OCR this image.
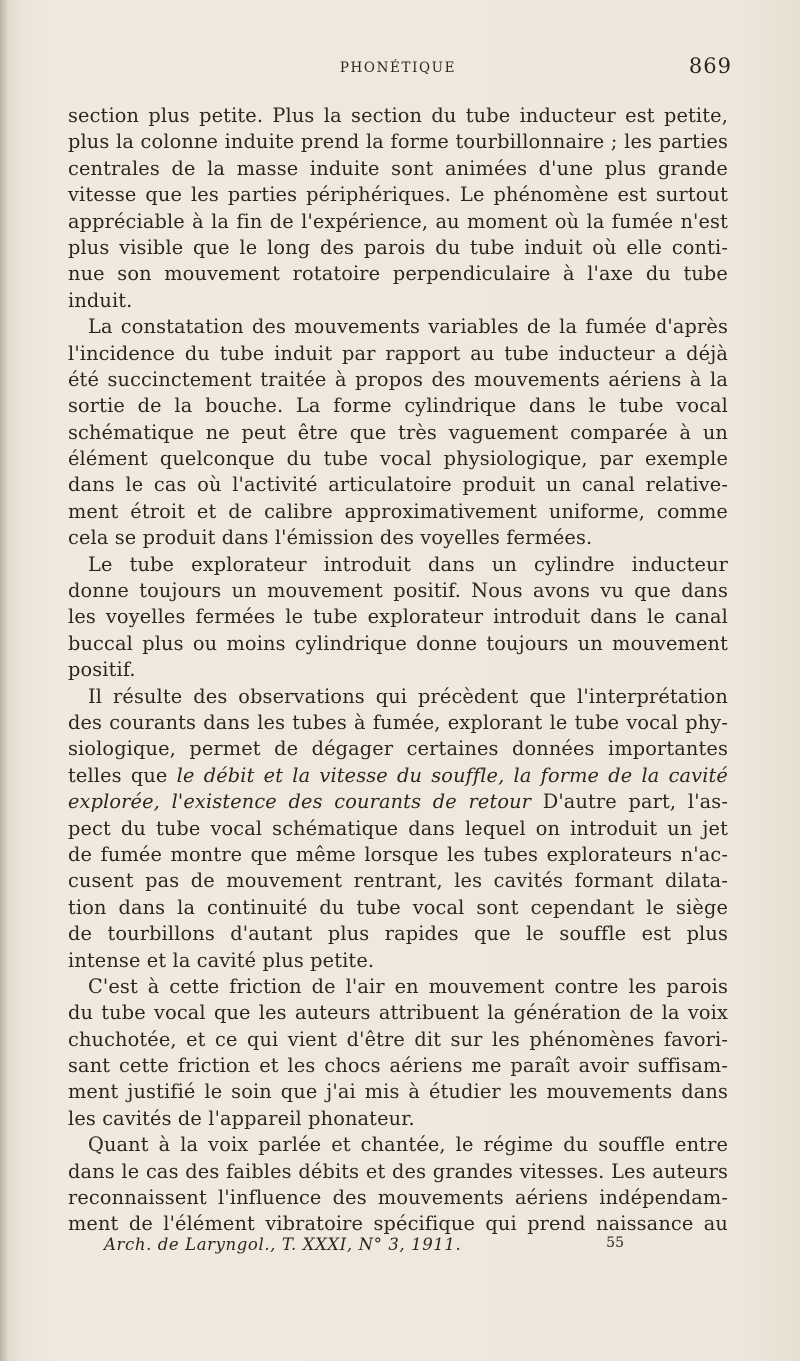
PHONÉTIQUE	869
section plus petite. Plus la section du tube inducteur est petite,
plus la colonne induite prend la forme tourbillonnaire ; les parties
centrales de la masse induite sont animées d'une plus grande
vitesse que les parties périphériques. Le phénomène est surtout
appréciable à la fin de l'expérience, au moment où la fumée n'est
plus visible que le long des parois du tube induit où elle conti-
nue son mouvement rotatoire perpendiculaire à l'axe du tube
induit.
La constatation des mouvements variables de la fumée d'après
l'incidence du tube induit par rapport au tube inducteur a déjà
été succinctement traitée à propos des mouvements aériens à la
sortie de la bouche. La forme cylindrique dans le tube vocal
schématique ne peut être que très vaguement comparée à un
élément quelconque du tube vocal physiologique, par exemple
dans le cas où l'activité articulatoire produit un canal relative-
ment étroit et de calibre approximativement uniforme, comme
cela se produit dans l'émission des voyelles fermées.
Le tube explorateur introduit dans un cylindre inducteur
donne toujours un mouvement positif. Nous avons vu que dans
les voyelles fermées le tube explorateur introduit dans le canal
buccal plus ou moins cylindrique donne toujours un mouvement
positif.
Il résulte des observations qui précèdent que l'interprétation
des courants dans les tubes à fumée, explorant le tube vocal phy-
siologique, permet de dégager certaines données importantes
telles que le débit et la vitesse du souffle, la forme de la cavité
explorée, l'existence des courants de retour D'autre part, l'as-
pect du tube vocal schématique dans lequel on introduit un jet
de fumée montre que même lorsque les tubes explorateurs n'ac-
cusent pas de mouvement rentrant, les cavités formant dilata-
tion dans la continuité du tube vocal sont cependant le siège
de tourbillons d'autant plus rapides que le souffle est plus
intense et la cavité plus petite.
C'est à cette friction de l'air en mouvement contre les parois
du tube vocal que les auteurs attribuent la génération de la voix
chuchotée, et ce qui vient d'être dit sur les phénomènes favori-
sant cette friction et les chocs aériens me paraît avoir suffisam-
ment justifié le soin que j'ai mis à étudier les mouvements dans
les cavités de l'appareil phonateur.
Quant à la voix parlée et chantée, le régime du souffle entre
dans le cas des faibles débits et des grandes vitesses. Les auteurs
reconnaissent l'influence des mouvements aériens indépendam-
ment de l'élément vibratoire spécifique qui prend naissance au
Arch. de Laryngol., T. XXXI, N° 3, 1911.	55
